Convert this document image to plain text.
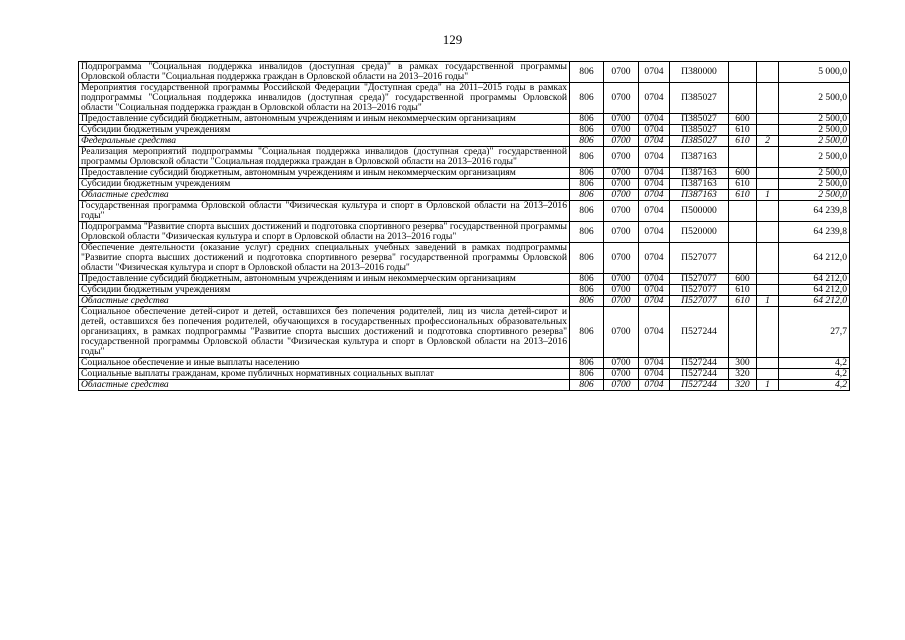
129
Подпрограмма "Социальная поддержка инвалидов (доступная среда)" в рамках государственной программы Орловской области "Социальная поддержка граждан в Орловской области на 2013–2016 годы"	806	0700	0704	П380000			5 000,0
Мероприятия государственной программы Российской Федерации "Доступная среда" на 2011–2015 годы в рамках подпрограммы "Социальная поддержка инвалидов (доступная среда)" государственной программы Орловской области "Социальная поддержка граждан в Орловской области на 2013–2016 годы"	806	0700	0704	П385027			2 500,0
Предоставление субсидий бюджетным, автономным учреждениям и иным некоммерческим организациям	806	0700	0704	П385027	600		2 500,0
Субсидии бюджетным учреждениям	806	0700	0704	П385027	610		2 500,0
Федеральные средства	806	0700	0704	П385027	610	2	2 500,0
Реализация мероприятий подпрограммы "Социальная поддержка инвалидов (доступная среда)" государственной программы Орловской области "Социальная поддержка граждан в Орловской области на 2013–2016 годы"	806	0700	0704	П387163			2 500,0
Предоставление субсидий бюджетным, автономным учреждениям и иным некоммерческим организациям	806	0700	0704	П387163	600		2 500,0
Субсидии бюджетным учреждениям	806	0700	0704	П387163	610		2 500,0
Областные средства	806	0700	0704	П387163	610	1	2 500,0
Государственная программа Орловской области "Физическая культура и спорт в Орловской области на 2013–2016 годы"	806	0700	0704	П500000			64 239,8
Подпрограмма "Развитие спорта высших достижений и подготовка спортивного резерва" государственной программы Орловской области "Физическая культура и спорт в Орловской области на 2013–2016 годы"	806	0700	0704	П520000			64 239,8
Обеспечение деятельности (оказание услуг) средних специальных учебных заведений в рамках подпрограммы "Развитие спорта высших достижений и подготовка спортивного резерва" государственной программы Орловской области "Физическая культура и спорт в Орловской области на 2013–2016 годы"	806	0700	0704	П527077			64 212,0
Предоставление субсидий бюджетным, автономным учреждениям и иным некоммерческим организациям	806	0700	0704	П527077	600		64 212,0
Субсидии бюджетным учреждениям	806	0700	0704	П527077	610		64 212,0
Областные средства	806	0700	0704	П527077	610	1	64 212,0
Социальное обеспечение детей-сирот и детей, оставшихся без попечения родителей, лиц из числа детей-сирот и детей, оставшихся без попечения родителей, обучающихся в государственных профессиональных образовательных организациях, в рамках подпрограммы "Развитие спорта высших достижений и подготовка спортивного резерва" государственной программы Орловской области "Физическая культура и спорт в Орловской области на 2013–2016 годы"	806	0700	0704	П527244			27,7
Социальное обеспечение и иные выплаты населению	806	0700	0704	П527244	300		4,2
Социальные выплаты гражданам, кроме публичных нормативных социальных выплат	806	0700	0704	П527244	320		4,2
Областные средства	806	0700	0704	П527244	320	1	4,2
